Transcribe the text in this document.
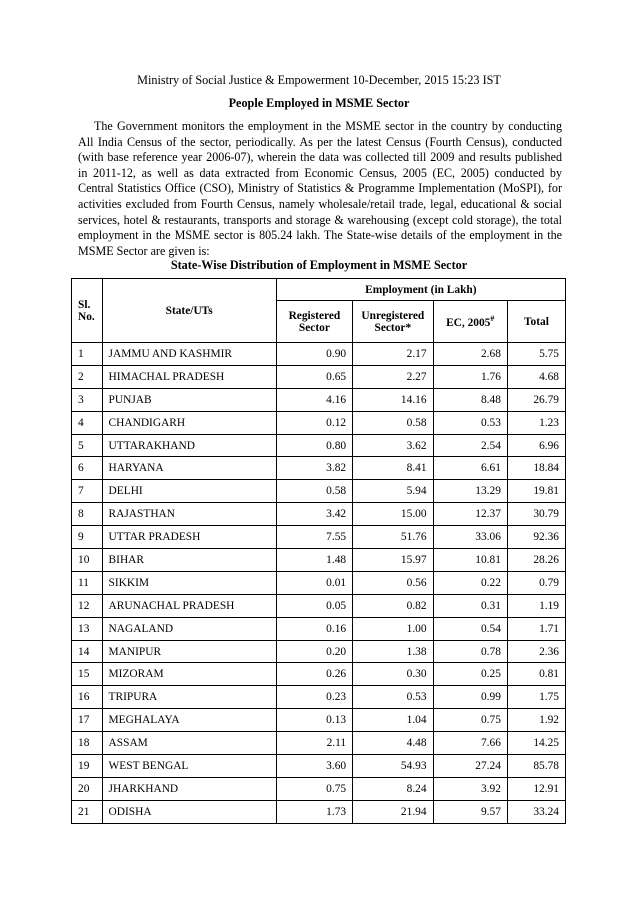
Ministry of Social Justice & Empowerment 10-December, 2015 15:23 IST
People Employed in MSME Sector
The Government monitors the employment in the MSME sector in the country by conducting All India Census of the sector, periodically. As per the latest Census (Fourth Census), conducted (with base reference year 2006-07), wherein the data was collected till 2009 and results published in 2011-12, as well as data extracted from Economic Census, 2005 (EC, 2005) conducted by Central Statistics Office (CSO), Ministry of Statistics & Programme Implementation (MoSPI), for activities excluded from Fourth Census, namely wholesale/retail trade, legal, educational & social services, hotel & restaurants, transports and storage & warehousing (except cold storage), the total employment in the MSME sector is 805.24 lakh. The State-wise details of the employment in the MSME Sector are given is:
State-Wise Distribution of Employment in MSME Sector
Sl. No.	State/UTs	Employment (in Lakh)			
		Registered Sector	Unregistered Sector*	EC, 2005#	Total
1	JAMMU AND KASHMIR	0.90	2.17	2.68	5.75
2	HIMACHAL PRADESH	0.65	2.27	1.76	4.68
3	PUNJAB	4.16	14.16	8.48	26.79
4	CHANDIGARH	0.12	0.58	0.53	1.23
5	UTTARAKHAND	0.80	3.62	2.54	6.96
6	HARYANA	3.82	8.41	6.61	18.84
7	DELHI	0.58	5.94	13.29	19.81
8	RAJASTHAN	3.42	15.00	12.37	30.79
9	UTTAR PRADESH	7.55	51.76	33.06	92.36
10	BIHAR	1.48	15.97	10.81	28.26
11	SIKKIM	0.01	0.56	0.22	0.79
12	ARUNACHAL PRADESH	0.05	0.82	0.31	1.19
13	NAGALAND	0.16	1.00	0.54	1.71
14	MANIPUR	0.20	1.38	0.78	2.36
15	MIZORAM	0.26	0.30	0.25	0.81
16	TRIPURA	0.23	0.53	0.99	1.75
17	MEGHALAYA	0.13	1.04	0.75	1.92
18	ASSAM	2.11	4.48	7.66	14.25
19	WEST BENGAL	3.60	54.93	27.24	85.78
20	JHARKHAND	0.75	8.24	3.92	12.91
21	ODISHA	1.73	21.94	9.57	33.24
